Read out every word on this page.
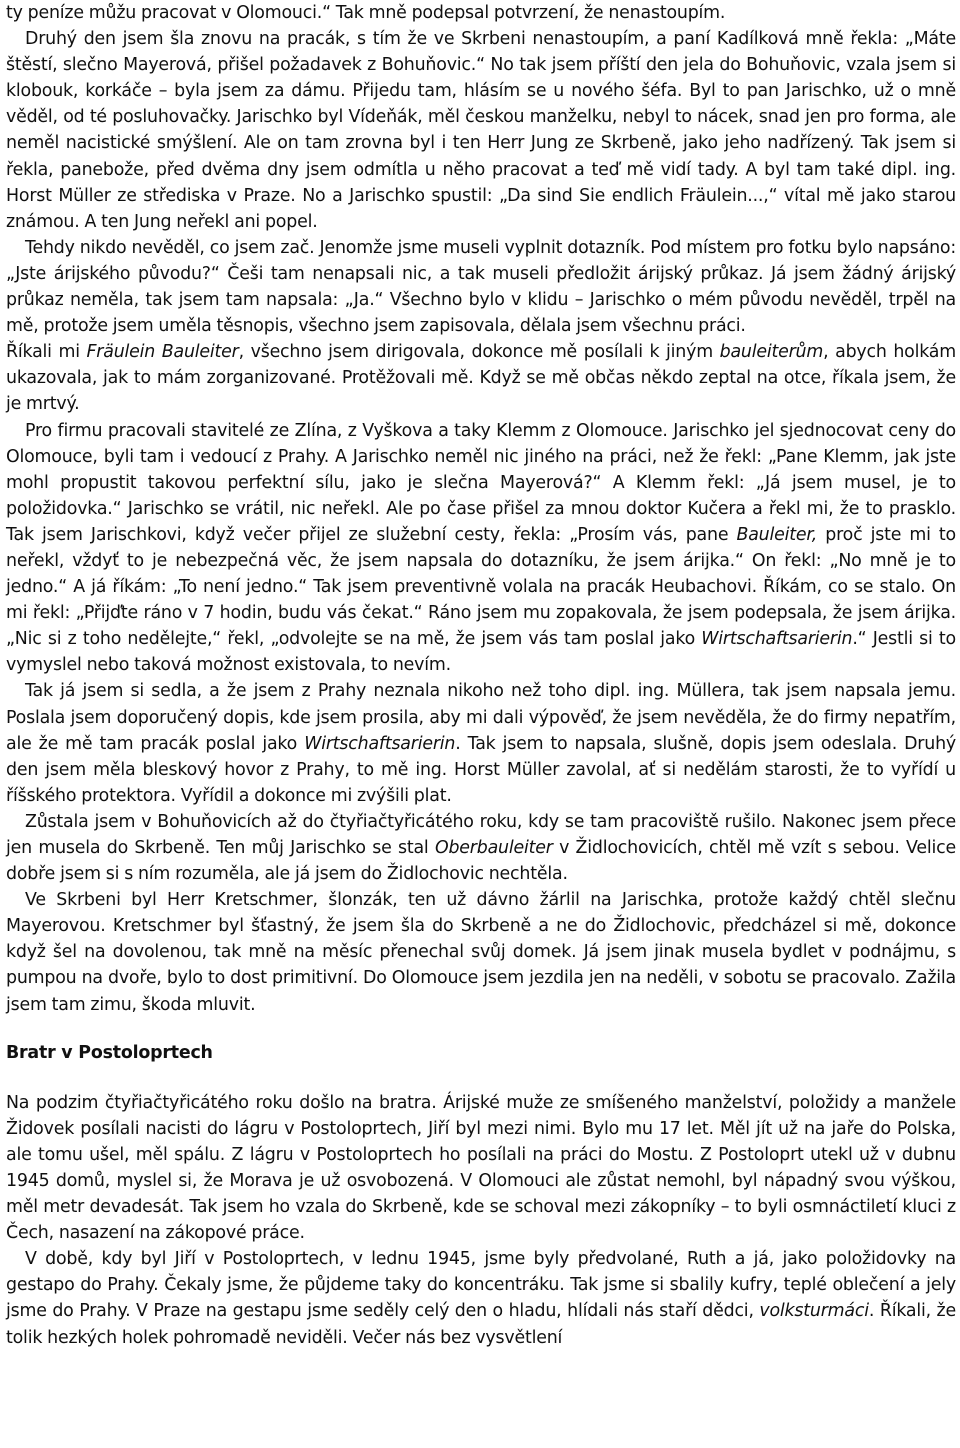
ty peníze můžu pracovat v Olomouci.“ Tak mně podepsal potvrzení, že nenastoupím.

Druhý den jsem šla znovu na pracák, s tím že ve Skrbeni nenastoupím, a paní Kadílková mně řekla: „Máte štěstí, slečno Mayerová, přišel požadavek z Bohuňovic.“ No tak jsem příští den jela do Bohuňovic, vzala jsem si klobouk, korkáče – byla jsem za dámu. Přijedu tam, hlásím se u nového šéfa. Byl to pan Jarischko, už o mně věděl, od té posluhovačky. Jarischko byl Vídeňák, měl českou manželku, nebyl to nácek, snad jen pro forma, ale neměl nacistické smýšlení. Ale on tam zrovna byl i ten Herr Jung ze Skrbeně, jako jeho nadřízený. Tak jsem si řekla, panebože, před dvěma dny jsem odmítla u něho pracovat a teď mě vidí tady. A byl tam také dipl. ing. Horst Müller ze střediska v Praze. No a Jarischko spustil: „Da sind Sie endlich Fräulein...,“ vítal mě jako starou známou. A ten Jung neřekl ani popel.

Tehdy nikdo nevěděl, co jsem zač. Jenomže jsme museli vyplnit dotazník. Pod místem pro fotku bylo napsáno: „Jste árijského původu?“ Češi tam nenapsali nic, a tak museli předložit árijský průkaz. Já jsem žádný árijský průkaz neměla, tak jsem tam napsala: „Ja.“ Všechno bylo v klidu – Jarischko o mém původu nevěděl, trpěl na mě, protože jsem uměla těsnopis, všechno jsem zapisovala, dělala jsem všechnu práci.

Říkali mi Fräulein Bauleiter, všechno jsem dirigovala, dokonce mě posílali k jiným bauleiterům, abych holkám ukazovala, jak to mám zorganizované. Protěžovali mě. Když se mě občas někdo zeptal na otce, říkala jsem, že je mrtvý.

Pro firmu pracovali stavitelé ze Zlína, z Vyškova a taky Klemm z Olomouce. Jarischko jel sjednocovat ceny do Olomouce, byli tam i vedoucí z Prahy. A Jarischko neměl nic jiného na práci, než že řekl: „Pane Klemm, jak jste mohl propustit takovou perfektní sílu, jako je slečna Mayerová?“ A Klemm řekl: „Já jsem musel, je to položidovka.“ Jarischko se vrátil, nic neřekl. Ale po čase přišel za mnou doktor Kučera a řekl mi, že to prasklo. Tak jsem Jarischkovi, když večer přijel ze služební cesty, řekla: „Prosím vás, pane Bauleiter, proč jste mi to neřekl, vždyť to je nebezpečná věc, že jsem napsala do dotazníku, že jsem árijka.“ On řekl: „No mně je to jedno.“ A já říkám: „To není jedno.“ Tak jsem preventivně volala na pracák Heubachovi. Říkám, co se stalo. On mi řekl: „Přijďte ráno v 7 hodin, budu vás čekat.“ Ráno jsem mu zopakovala, že jsem podepsala, že jsem árijka. „Nic si z toho nedělejte,“ řekl, „odvolejte se na mě, že jsem vás tam poslal jako Wirtschaftsarierin.“ Jestli si to vymyslel nebo taková možnost existovala, to nevím.

Tak já jsem si sedla, a že jsem z Prahy neznala nikoho než toho dipl. ing. Müllera, tak jsem napsala jemu. Poslala jsem doporučený dopis, kde jsem prosila, aby mi dali výpověď, že jsem nevěděla, že do firmy nepatřím, ale že mě tam pracák poslal jako Wirtschaftsarierin. Tak jsem to napsala, slušně, dopis jsem odeslala. Druhý den jsem měla bleskový hovor z Prahy, to mě ing. Horst Müller zavolal, ať si nedělám starosti, že to vyřídí u říšského protektora. Vyřídil a dokonce mi zvýšili plat.

Zůstala jsem v Bohuňovicích až do čtyřiačtyřicátého roku, kdy se tam pracoviště rušilo. Nakonec jsem přece jen musela do Skrbeně. Ten můj Jarischko se stal Oberbauleiter v Židlochovicích, chtěl mě vzít s sebou. Velice dobře jsem si s ním rozuměla, ale já jsem do Židlochovic nechtěla.

Ve Skrbeni byl Herr Kretschmer, šlonzák, ten už dávno žárlil na Jarischka, protože každý chtěl slečnu Mayerovou. Kretschmer byl šťastný, že jsem šla do Skrbeně a ne do Židlochovic, předcházel si mě, dokonce když šel na dovolenou, tak mně na měsíc přenechal svůj domek. Já jsem jinak musela bydlet v podnájmu, s pumpou na dvoře, bylo to dost primitivní. Do Olomouce jsem jezdila jen na neděli, v sobotu se pracovalo. Zažila jsem tam zimu, škoda mluvit.

Bratr v Postoloprtech

Na podzim čtyřiačtyřicátého roku došlo na bratra. Árijské muže ze smíšeného manželství, položidy a manžele Židovek posílali nacisti do lágru v Postoloprtech, Jiří byl mezi nimi. Bylo mu 17 let. Měl jít už na jaře do Polska, ale tomu ušel, měl spálu. Z lágru v Postoloprtech ho posílali na práci do Mostu. Z Postoloprt utekl už v dubnu 1945 domů, myslel si, že Morava je už osvobozená. V Olomouci ale zůstat nemohl, byl nápadný svou výškou, měl metr devadesát. Tak jsem ho vzala do Skrbeně, kde se schoval mezi zákopníky – to byli osmnáctiletí kluci z Čech, nasazení na zákopové práce.

V době, kdy byl Jiří v Postoloprtech, v lednu 1945, jsme byly předvolané, Ruth a já, jako položidovky na gestapo do Prahy. Čekaly jsme, že půjdeme taky do koncentráku. Tak jsme si sbalily kufry, teplé oblečení a jely jsme do Prahy. V Praze na gestapu jsme seděly celý den o hladu, hlídali nás staří dědci, volksturmáci. Říkali, že tolik hezkých holek pohromadě neviděli. Večer nás bez vysvětlení
